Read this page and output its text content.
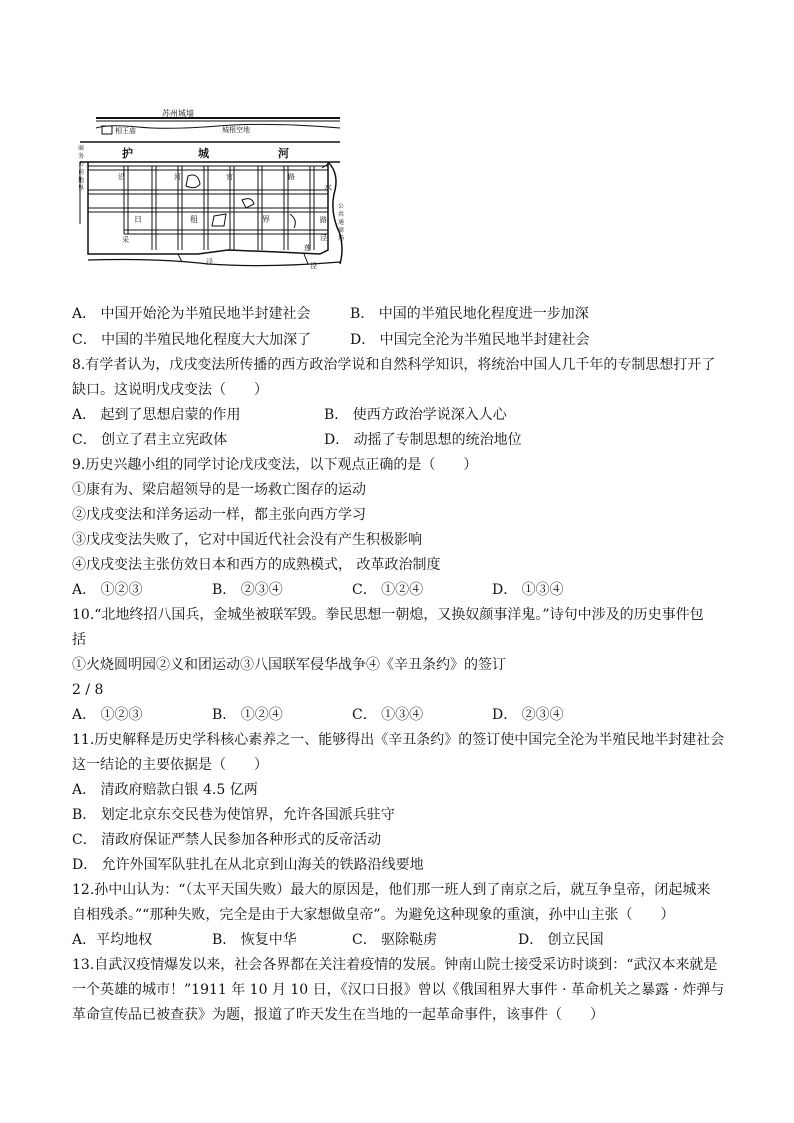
苏州城墙
相王庙	城根空地
护	城	河
商
务
公
司
地
界
沿	河	官	路
日	租	界
水
公
共
通
商
场
路
泾
采
泾
莲
泾
A． 中国开始沦为半殖民地半封建社会	B． 中国的半殖民地化程度进一步加深
C． 中国的半殖民地化程度大大加深了	D． 中国完全沦为半殖民地半封建社会
8.有学者认为，戊戌变法所传播的西方政治学说和自然科学知识，将统治中国人几千年的专制思想打开了
缺口。这说明戊戌变法（　　）
A． 起到了思想启蒙的作用	B． 使西方政治学说深入人心
C． 创立了君主立宪政体	D． 动摇了专制思想的统治地位
9.历史兴趣小组的同学讨论戊戌变法，以下观点正确的是（　　）
①康有为、梁启超领导的是一场救亡图存的运动
②戊戌变法和洋务运动一样，都主张向西方学习
③戊戌变法失败了，它对中国近代社会没有产生积极影响
④戊戌变法主张仿效日本和西方的成熟模式， 改革政治制度
A． ①②③	B． ②③④	C． ①②④	D． ①③④
10.“北地终招八国兵，金城坐被联军毁。拳民思想一朝熄，又换奴颜事洋鬼。”诗句中涉及的历史事件包
括
①火烧圆明园②义和团运动③八国联军侵华战争④《辛丑条约》的签订
2 / 8
A． ①②③	B． ①②④	C． ①③④	D． ②③④
11.历史解释是历史学科核心素养之一、能够得出《辛丑条约》的签订使中国完全沦为半殖民地半封建社会
这一结论的主要依据是（　　）
A． 清政府赔款白银 4.5 亿两
B． 划定北京东交民巷为使馆界，允许各国派兵驻守
C． 清政府保证严禁人民参加各种形式的反帝活动
D． 允许外国军队驻扎在从北京到山海关的铁路沿线要地
12.孙中山认为：“（太平天国失败）最大的原因是，他们那一班人到了南京之后，就互争皇帝，闭起城来
自相残杀。”“那种失败，完全是由于大家想做皇帝”。为避免这种现象的重演，孙中山主张（　　）
A．平均地权	B． 恢复中华	C． 驱除鞑虏	D． 创立民国
13.自武汉疫情爆发以来，社会各界都在关注着疫情的发展。钟南山院士接受采访时谈到：“武汉本来就是
一个英雄的城市！”1911 年 10 月 10 日，《汉口日报》曾以《俄国租界大事件 · 革命机关之暴露 · 炸弹与
革命宣传品已被查获》为题，报道了昨天发生在当地的一起革命事件，该事件（　　）
